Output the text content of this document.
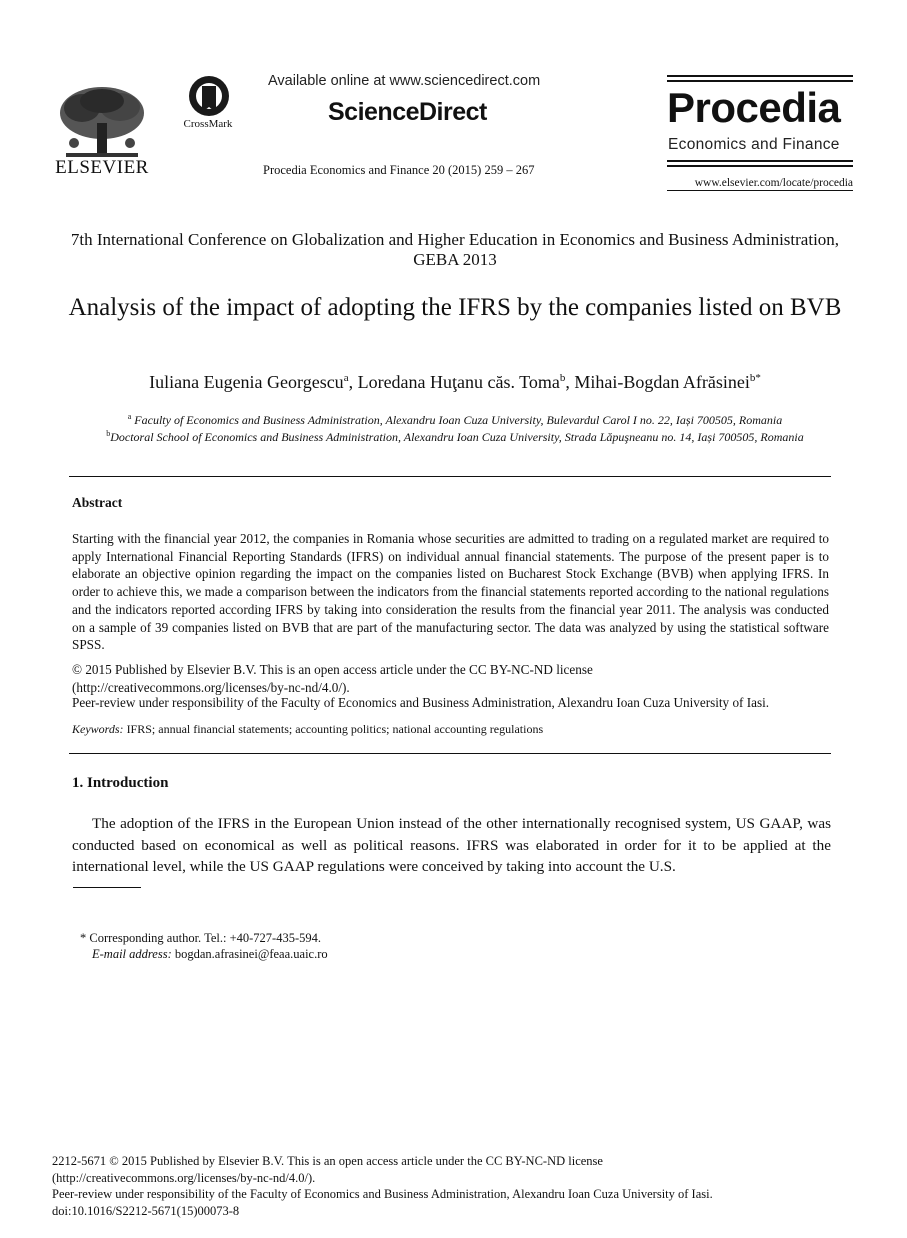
ELSEVIER
CrossMark
Available online at www.sciencedirect.com
ScienceDirect
Procedia Economics and Finance 20 (2015) 259 – 267
Procedia
Economics and Finance
www.elsevier.com/locate/procedia
7th International Conference on Globalization and Higher Education in Economics and Business Administration, GEBA 2013
Analysis of the impact of adopting the IFRS by the companies listed on BVB
Iuliana Eugenia Georgescu$^a$, Loredana Huţanu căs. Toma$^b$, Mihai-Bogdan Afrăsinei$^{b*}$
$^a$ Faculty of Economics and Business Administration, Alexandru Ioan Cuza University, Bulevardul Carol I no. 22, Iași 700505, Romania
$^b$Doctoral School of Economics and Business Administration, Alexandru Ioan Cuza University, Strada Lăpuşneanu no. 14, Iași 700505, Romania
Abstract
Starting with the financial year 2012, the companies in Romania whose securities are admitted to trading on a regulated market are required to apply International Financial Reporting Standards (IFRS) on individual annual financial statements. The purpose of the present paper is to elaborate an objective opinion regarding the impact on the companies listed on Bucharest Stock Exchange (BVB) when applying IFRS. In order to achieve this, we made a comparison between the indicators from the financial statements reported according to the national regulations and the indicators reported according IFRS by taking into consideration the results from the financial year 2011. The analysis was conducted on a sample of 39 companies listed on BVB that are part of the manufacturing sector. The data was analyzed by using the statistical software SPSS.
© 2015 Published by Elsevier B.V. This is an open access article under the CC BY-NC-ND license
(http://creativecommons.org/licenses/by-nc-nd/4.0/).
Peer-review under responsibility of the Faculty of Economics and Business Administration, Alexandru Ioan Cuza University of Iasi.
Keywords: IFRS; annual financial statements; accounting politics; national accounting regulations
1. Introduction
The adoption of the IFRS in the European Union instead of the other internationally recognised system, US GAAP, was conducted based on economical as well as political reasons. IFRS was elaborated in order for it to be applied at the international level, while the US GAAP regulations were conceived by taking into account the U.S.
* Corresponding author. Tel.: +40-727-435-594.
E-mail address: bogdan.afrasinei@feaa.uaic.ro
2212-5671 © 2015 Published by Elsevier B.V. This is an open access article under the CC BY-NC-ND license
(http://creativecommons.org/licenses/by-nc-nd/4.0/).
Peer-review under responsibility of the Faculty of Economics and Business Administration, Alexandru Ioan Cuza University of Iasi.
doi:10.1016/S2212-5671(15)00073-8
